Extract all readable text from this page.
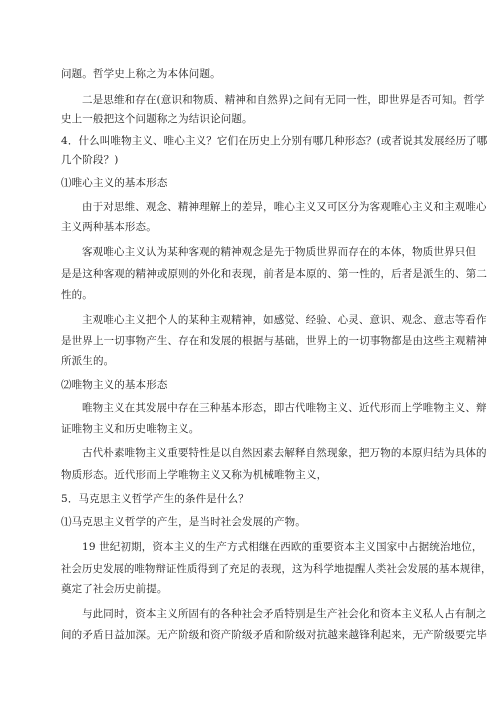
问题。哲学史上称之为本体问题。
二是思维和存在(意识和物质、精神和自然界)之间有无同一性，即世界是否可知。哲学
史上一般把这个问题称之为结识论问题。
4．什么叫唯物主义、唯心主义？它们在历史上分别有哪几种形态？(或者说其发展经历了哪
几个阶段？)
⑴唯心主义的基本形态
由于对思维、观念、精神理解上的差异，唯心主义又可区分为客观唯心主义和主观唯心
主义两种基本形态。
客观唯心主义认为某种客观的精神观念是先于物质世界而存在的本体，物质世界只但
是是这种客观的精神或原则的外化和表现，前者是本原的、第一性的，后者是派生的、第二
性的。
主观唯心主义把个人的某种主观精神，如感觉、经验、心灵、意识、观念、意志等看作
是世界上一切事物产生、存在和发展的根据与基础，世界上的一切事物都是由这些主观精神
所派生的。
⑵唯物主义的基本形态
唯物主义在其发展中存在三种基本形态，即古代唯物主义、近代形而上学唯物主义、辩
证唯物主义和历史唯物主义。
古代朴素唯物主义重要特性是以自然因素去解释自然现象，把万物的本原归结为具体的
物质形态。近代形而上学唯物主义又称为机械唯物主义，
5．马克思主义哲学产生的条件是什么？
⑴马克思主义哲学的产生，是当时社会发展的产物。
19 世纪初期，资本主义的生产方式相继在西欧的重要资本主义国家中占据统治地位，
社会历史发展的唯物辩证性质得到了充足的表现，这为科学地提醒人类社会发展的基本规律，
奠定了社会历史前提。
与此同时，资本主义所固有的各种社会矛盾特别是生产社会化和资本主义私人占有制之
间的矛盾日益加深。无产阶级和资产阶级矛盾和阶级对抗越来越锋利起来，无产阶级要完毕
